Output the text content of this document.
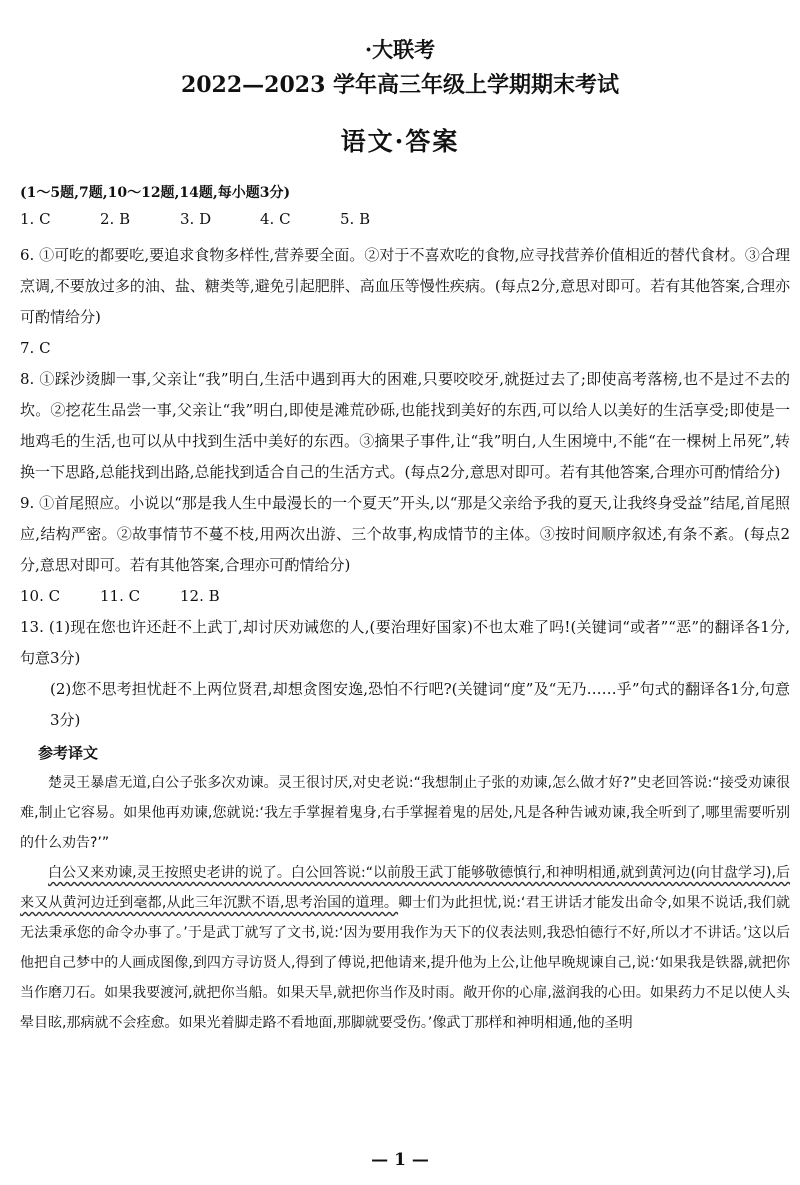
·大联考
2022—2023 学年高三年级上学期期末考试
语文·答案
(1～5题,7题,10～12题,14题,每小题3分)
1. C	2. B	3. D	4. C	5. B

6. ①可吃的都要吃,要追求食物多样性,营养要全面。②对于不喜欢吃的食物,应寻找营养价值相近的替代食材。③合理烹调,不要放过多的油、盐、糖类等,避免引起肥胖、高血压等慢性疾病。(每点2分,意思对即可。若有其他答案,合理亦可酌情给分)

7. C

8. ①踩沙烫脚一事,父亲让“我”明白,生活中遇到再大的困难,只要咬咬牙,就挺过去了;即使高考落榜,也不是过不去的坎。②挖花生品尝一事,父亲让“我”明白,即使是滩荒砂砾,也能找到美好的东西,可以给人以美好的生活享受;即使是一地鸡毛的生活,也可以从中找到生活中美好的东西。③摘果子事件,让“我”明白,人生困境中,不能“在一棵树上吊死”,转换一下思路,总能找到出路,总能找到适合自己的生活方式。(每点2分,意思对即可。若有其他答案,合理亦可酌情给分)

9. ①首尾照应。小说以“那是我人生中最漫长的一个夏天”开头,以“那是父亲给予我的夏天,让我终身受益”结尾,首尾照应,结构严密。②故事情节不蔓不枝,用两次出游、三个故事,构成情节的主体。③按时间顺序叙述,有条不紊。(每点2分,意思对即可。若有其他答案,合理亦可酌情给分)

10. C	11. C	12. B

13. (1)现在您也许还赶不上武丁,却讨厌劝诫您的人,(要治理好国家)不也太难了吗!(关键词“或者”“恶”的翻译各1分,句意3分)

(2)您不思考担忧赶不上两位贤君,却想贪图安逸,恐怕不行吧?(关键词“度”及“无乃……乎”句式的翻译各1分,句意3分)

参考译文

楚灵王暴虐无道,白公子张多次劝谏。灵王很讨厌,对史老说:“我想制止子张的劝谏,怎么做才好?”史老回答说:“接受劝谏很难,制止它容易。如果他再劝谏,您就说:‘我左手掌握着鬼身,右手掌握着鬼的居处,凡是各种告诫劝谏,我全听到了,哪里需要听别的什么劝告?’”

白公又来劝谏,灵王按照史老讲的说了。白公回答说:“以前殷王武丁能够敬德慎行,和神明相通,就到黄河边(向甘盘学习),后来又从黄河边迁到毫都,从此三年沉默不语,思考治国的道理。卿士们为此担忧,说:‘君王讲话才能发出命令,如果不说话,我们就无法秉承您的命令办事了。’于是武丁就写了文书,说:‘因为要用我作为天下的仪表法则,我恐怕德行不好,所以才不讲话。’这以后他把自己梦中的人画成图像,到四方寻访贤人,得到了傅说,把他请来,提升他为上公,让他早晚规谏自己,说:‘如果我是铁器,就把你当作磨刀石。如果我要渡河,就把你当船。如果天旱,就把你当作及时雨。敞开你的心扉,滋润我的心田。如果药力不足以使人头晕目眩,那病就不会痊愈。如果光着脚走路不看地面,那脚就要受伤。’像武丁那样和神明相通,他的圣明

— 1 —
